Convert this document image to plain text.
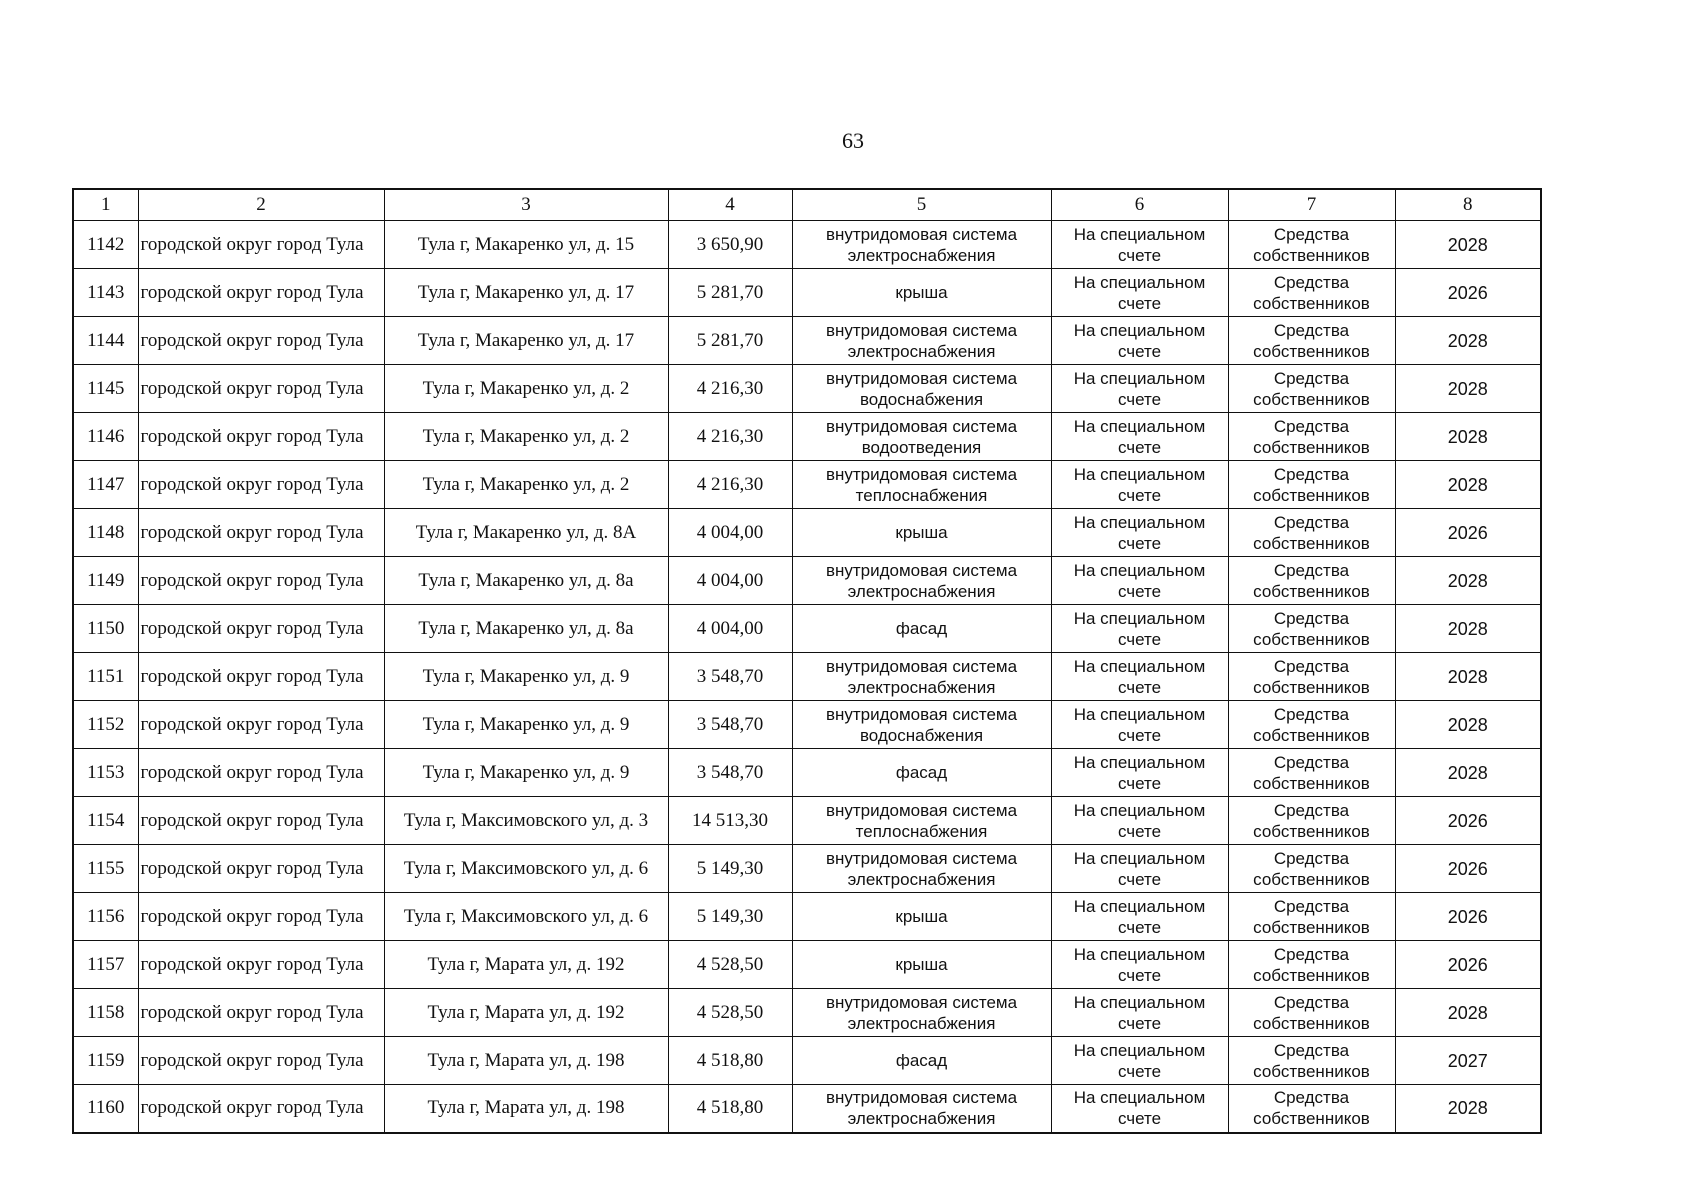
63
1	2	3	4	5	6	7	8
1142	городской округ город Тула	Тула г, Макаренко ул, д. 15	3 650,90	внутридомовая система электроснабжения	На специальном счете	Средства собственников	2028
1143	городской округ город Тула	Тула г, Макаренко ул, д. 17	5 281,70	крыша	На специальном счете	Средства собственников	2026
1144	городской округ город Тула	Тула г, Макаренко ул, д. 17	5 281,70	внутридомовая система электроснабжения	На специальном счете	Средства собственников	2028
1145	городской округ город Тула	Тула г, Макаренко ул, д. 2	4 216,30	внутридомовая система водоснабжения	На специальном счете	Средства собственников	2028
1146	городской округ город Тула	Тула г, Макаренко ул, д. 2	4 216,30	внутридомовая система водоотведения	На специальном счете	Средства собственников	2028
1147	городской округ город Тула	Тула г, Макаренко ул, д. 2	4 216,30	внутридомовая система теплоснабжения	На специальном счете	Средства собственников	2028
1148	городской округ город Тула	Тула г, Макаренко ул, д. 8А	4 004,00	крыша	На специальном счете	Средства собственников	2026
1149	городской округ город Тула	Тула г, Макаренко ул, д. 8а	4 004,00	внутридомовая система электроснабжения	На специальном счете	Средства собственников	2028
1150	городской округ город Тула	Тула г, Макаренко ул, д. 8а	4 004,00	фасад	На специальном счете	Средства собственников	2028
1151	городской округ город Тула	Тула г, Макаренко ул, д. 9	3 548,70	внутридомовая система электроснабжения	На специальном счете	Средства собственников	2028
1152	городской округ город Тула	Тула г, Макаренко ул, д. 9	3 548,70	внутридомовая система водоснабжения	На специальном счете	Средства собственников	2028
1153	городской округ город Тула	Тула г, Макаренко ул, д. 9	3 548,70	фасад	На специальном счете	Средства собственников	2028
1154	городской округ город Тула	Тула г, Максимовского ул, д. 3	14 513,30	внутридомовая система теплоснабжения	На специальном счете	Средства собственников	2026
1155	городской округ город Тула	Тула г, Максимовского ул, д. 6	5 149,30	внутридомовая система электроснабжения	На специальном счете	Средства собственников	2026
1156	городской округ город Тула	Тула г, Максимовского ул, д. 6	5 149,30	крыша	На специальном счете	Средства собственников	2026
1157	городской округ город Тула	Тула г, Марата ул, д. 192	4 528,50	крыша	На специальном счете	Средства собственников	2026
1158	городской округ город Тула	Тула г, Марата ул, д. 192	4 528,50	внутридомовая система электроснабжения	На специальном счете	Средства собственников	2028
1159	городской округ город Тула	Тула г, Марата ул, д. 198	4 518,80	фасад	На специальном счете	Средства собственников	2027
1160	городской округ город Тула	Тула г, Марата ул, д. 198	4 518,80	внутридомовая система электроснабжения	На специальном счете	Средства собственников	2028
